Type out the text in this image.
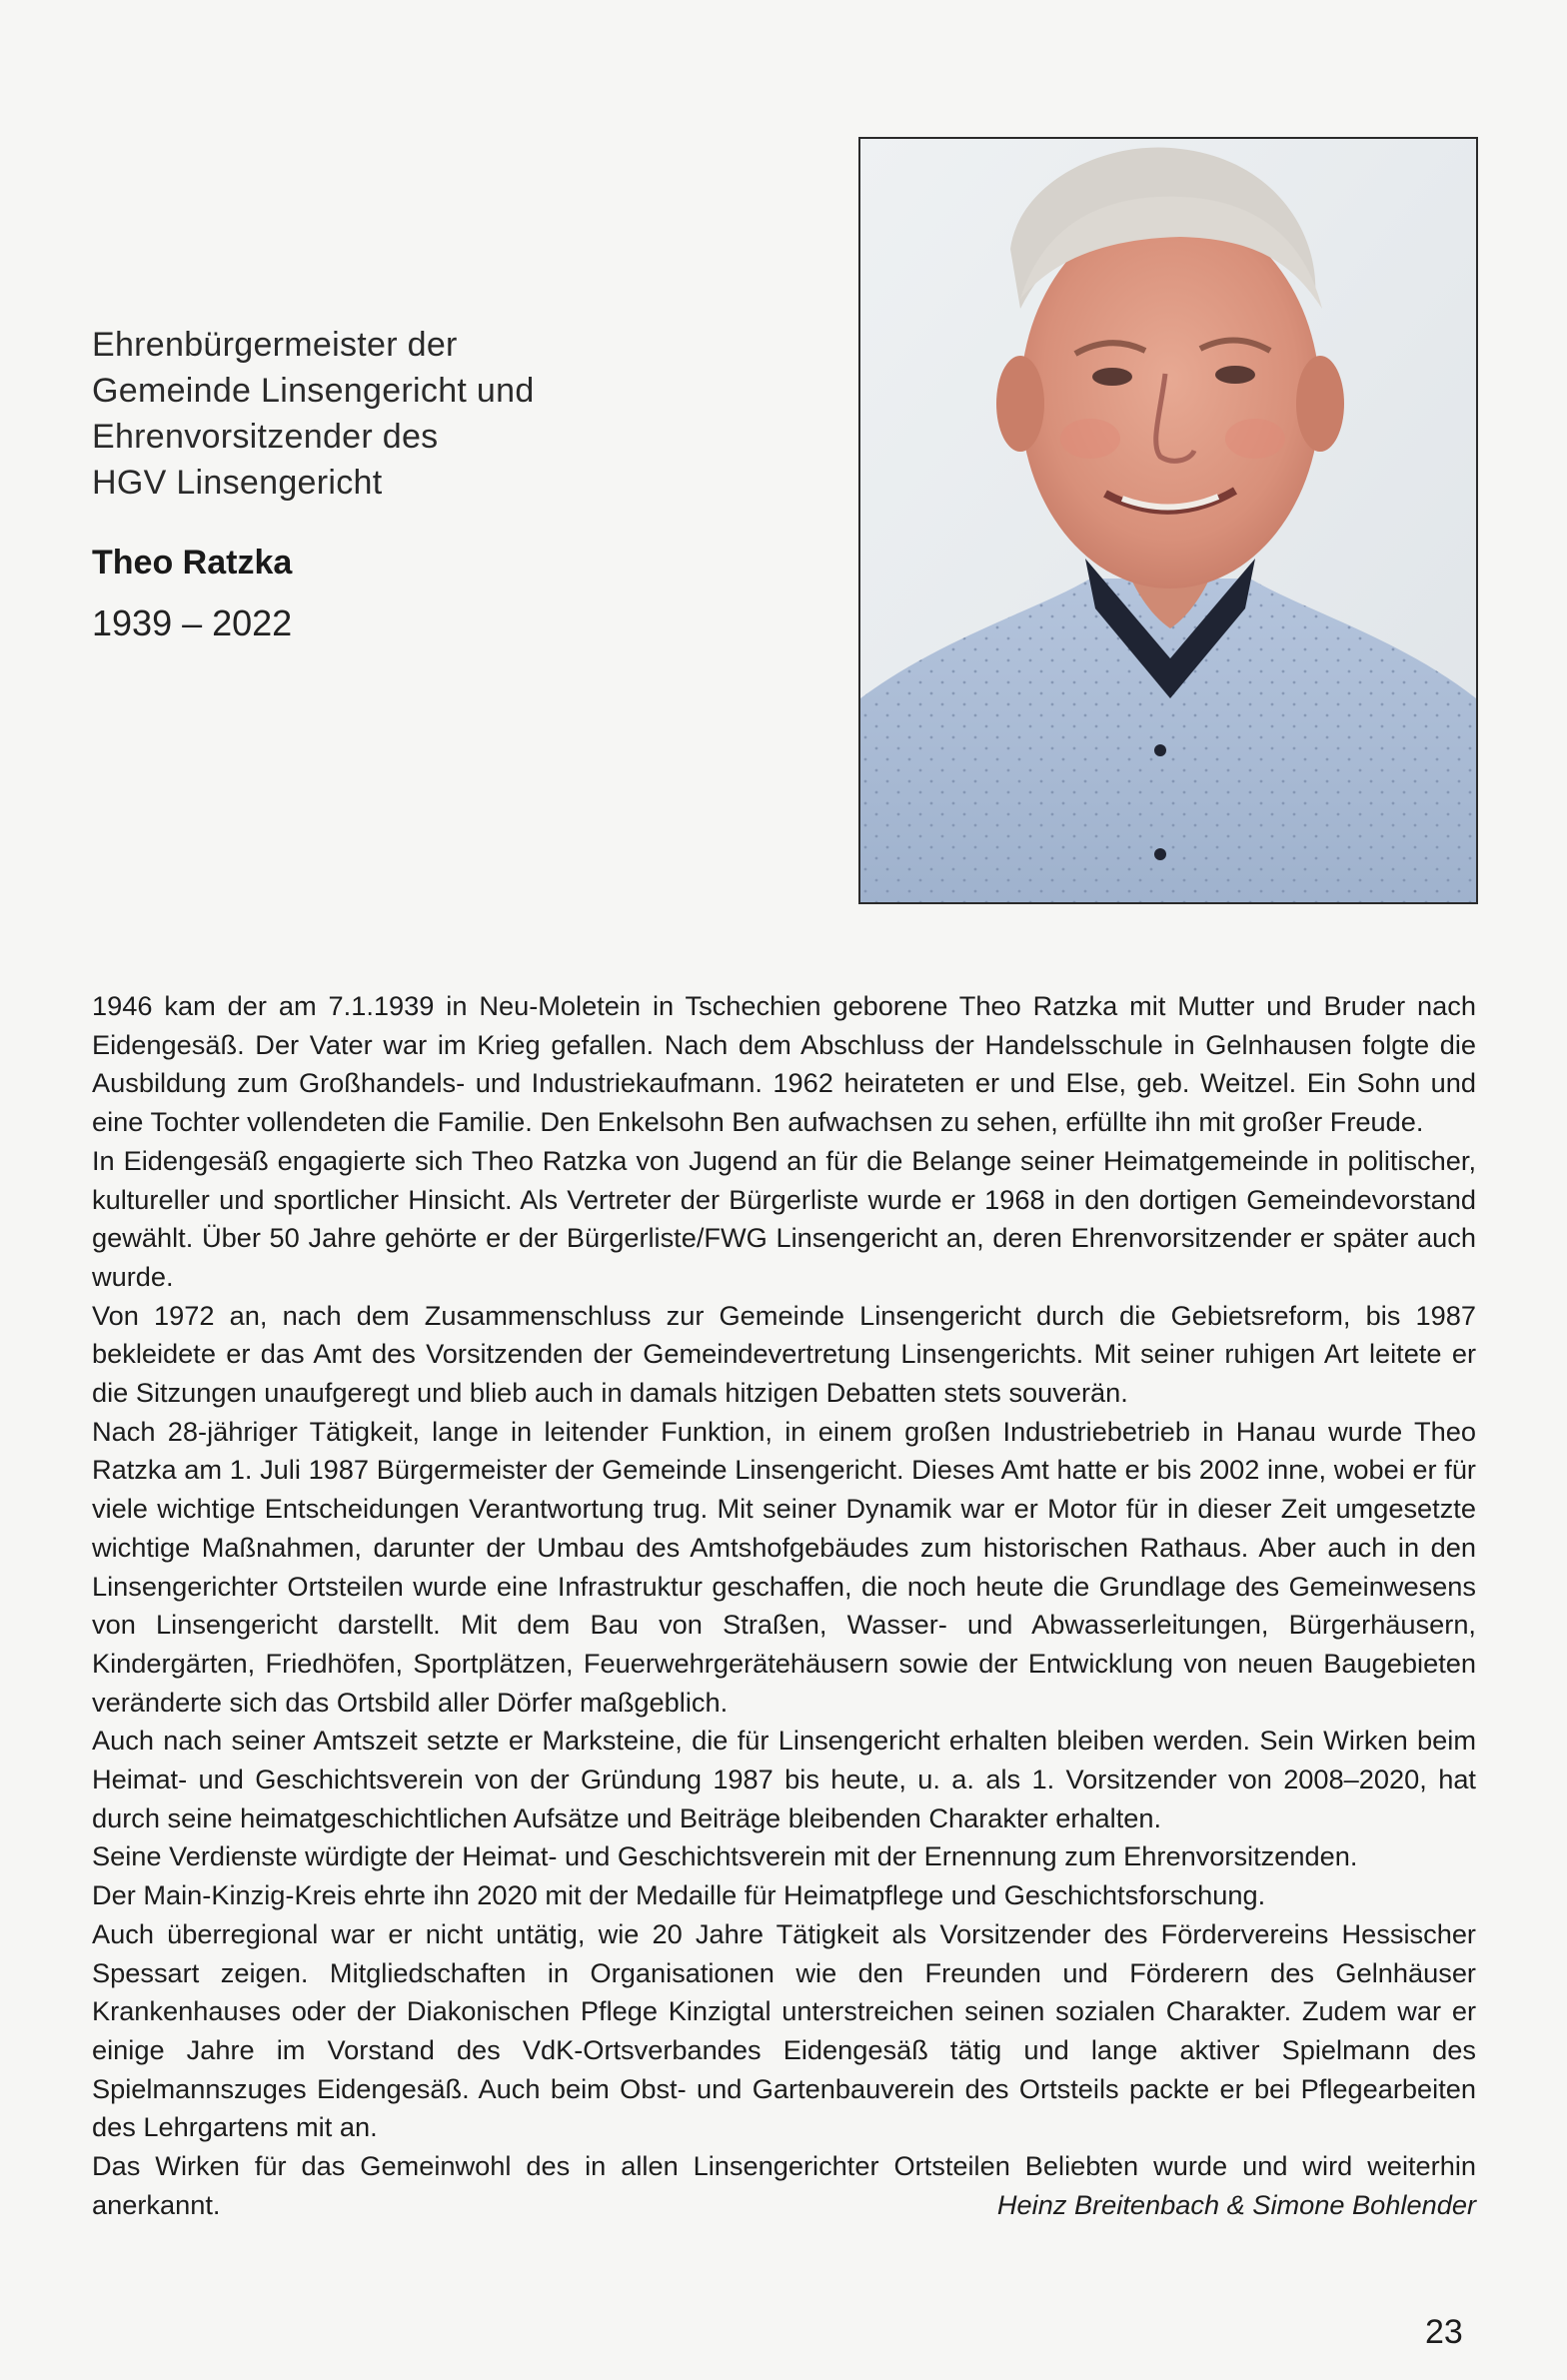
Ehrenbürgermeister der
Gemeinde Linsengericht und
Ehrenvorsitzender des
HGV Linsengericht
Theo Ratzka
1939 – 2022

1946 kam der am 7.1.1939 in Neu-Moletein in Tschechien geborene Theo Ratzka mit Mutter und Bruder nach Eidengesäß. Der Vater war im Krieg gefallen. Nach dem Abschluss der Handelsschule in Gelnhausen folgte die Ausbildung zum Großhandels- und Industriekaufmann. 1962 heirateten er und Else, geb. Weitzel. Ein Sohn und eine Tochter vollendeten die Familie. Den Enkelsohn Ben aufwachsen zu sehen, erfüllte ihn mit großer Freude.

In Eidengesäß engagierte sich Theo Ratzka von Jugend an für die Belange seiner Heimatgemeinde in politischer, kultureller und sportlicher Hinsicht. Als Vertreter der Bürgerliste wurde er 1968 in den dortigen Gemeindevorstand gewählt. Über 50 Jahre gehörte er der Bürgerliste/FWG Linsengericht an, deren Ehrenvorsitzender er später auch wurde.

Von 1972 an, nach dem Zusammenschluss zur Gemeinde Linsengericht durch die Gebietsreform, bis 1987 bekleidete er das Amt des Vorsitzenden der Gemeindevertretung Linsengerichts. Mit seiner ruhigen Art leitete er die Sitzungen unaufgeregt und blieb auch in damals hitzigen Debatten stets souverän.

Nach 28-jähriger Tätigkeit, lange in leitender Funktion, in einem großen Industriebetrieb in Hanau wurde Theo Ratzka am 1. Juli 1987 Bürgermeister der Gemeinde Linsengericht. Dieses Amt hatte er bis 2002 inne, wobei er für viele wichtige Entscheidungen Verantwortung trug. Mit seiner Dynamik war er Motor für in dieser Zeit umgesetzte wichtige Maßnahmen, darunter der Umbau des Amtshofgebäudes zum historischen Rathaus. Aber auch in den Linsengerichter Ortsteilen wurde eine Infrastruktur geschaffen, die noch heute die Grundlage des Gemeinwesens von Linsengericht darstellt. Mit dem Bau von Straßen, Wasser- und Abwasserleitungen, Bürgerhäusern, Kindergärten, Friedhöfen, Sportplätzen, Feuerwehrgerätehäusern sowie der Entwicklung von neuen Baugebieten veränderte sich das Ortsbild aller Dörfer maßgeblich.

Auch nach seiner Amtszeit setzte er Marksteine, die für Linsengericht erhalten bleiben werden. Sein Wirken beim Heimat- und Geschichtsverein von der Gründung 1987 bis heute, u. a. als 1. Vorsitzender von 2008–2020, hat durch seine heimatgeschichtlichen Aufsätze und Beiträge bleibenden Charakter erhalten.

Seine Verdienste würdigte der Heimat- und Geschichtsverein mit der Ernennung zum Ehrenvorsitzenden.

Der Main-Kinzig-Kreis ehrte ihn 2020 mit der Medaille für Heimatpflege und Geschichtsforschung.

Auch überregional war er nicht untätig, wie 20 Jahre Tätigkeit als Vorsitzender des Fördervereins Hessischer Spessart zeigen. Mitgliedschaften in Organisationen wie den Freunden und Förderern des Gelnhäuser Krankenhauses oder der Diakonischen Pflege Kinzigtal unterstreichen seinen sozialen Charakter. Zudem war er einige Jahre im Vorstand des VdK-Ortsverbandes Eidengesäß tätig und lange aktiver Spielmann des Spielmannszuges Eidengesäß. Auch beim Obst- und Gartenbauverein des Ortsteils packte er bei Pflegearbeiten des Lehrgartens mit an.

Das Wirken für das Gemeinwohl des in allen Linsengerichter Ortsteilen Beliebten wurde und wird weiterhin anerkannt.	Heinz Breitenbach & Simone Bohlender

23
